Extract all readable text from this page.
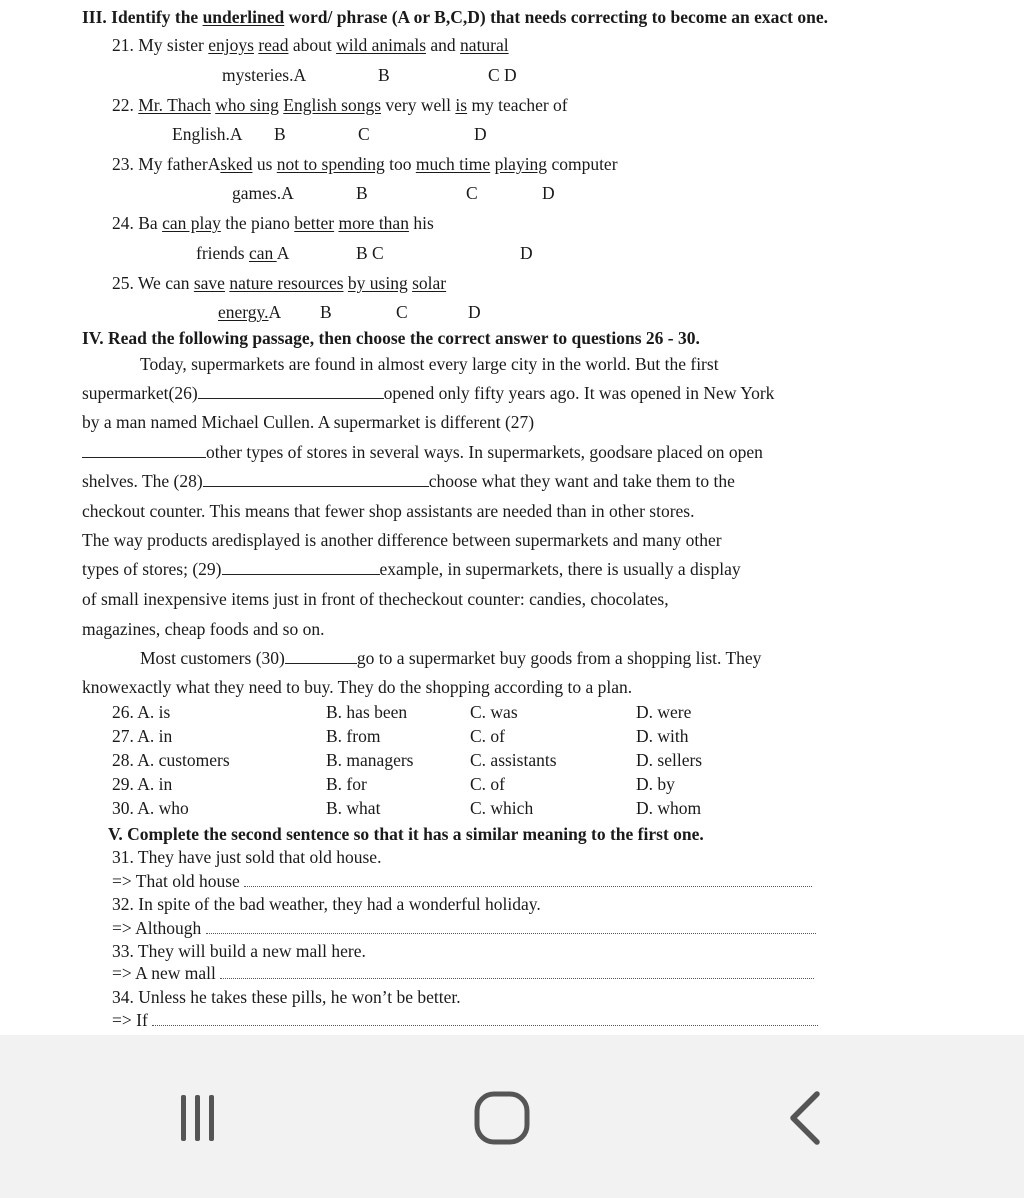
III. Identify the underlined word/ phrase (A or B,C,D) that needs correcting to become an exact one.
21. My sister enjoys read about wild animals and natural
mysteries.A	B	C D
22. Mr. Thach who sing English songs very well is my teacher of
English.A B	C	D
23. My fatherAsked us not to spending too much time playing computer
games.A	B	C	D
24. Ba can play the piano better more than his
friends can A	B C	D
25. We can save nature resources by using solar
energy.A B	C	D
IV. Read the following passage, then choose the correct answer to questions 26 - 30.
Today, supermarkets are found in almost every large city in the world. But the first
supermarket(26)	opened only fifty years ago. It was opened in New York
by a man named Michael Cullen. A supermarket is different (27)
other types of stores in several ways. In supermarkets, goodsare placed on open
shelves. The (28)	choose what they want and take them to the
checkout counter. This means that fewer shop assistants are needed than in other stores.
The way products aredisplayed is another difference between supermarkets and many other
types of stores; (29)	example, in supermarkets, there is usually a display
of small inexpensive items just in front of thecheckout counter: candies, chocolates,
magazines, cheap foods and so on.
Most customers (30)	go to a supermarket buy goods from a shopping list. They
knowexactly what they need to buy. They do the shopping according to a plan.
26. A. is	B. has been	C. was	D. were
27. A. in	B. from	C. of	D. with
28. A. customers	B. managers	C. assistants	D. sellers
29. A. in	B. for	C. of	D. by
30. A. who	B. what	C. which	D. whom
V. Complete the second sentence so that it has a similar meaning to the first one.
31. They have just sold that old house.
=> That old house
32. In spite of the bad weather, they had a wonderful holiday.
=> Although
33. They will build a new mall here.
=> A new mall
34. Unless he takes these pills, he won’t be better.
=> If
